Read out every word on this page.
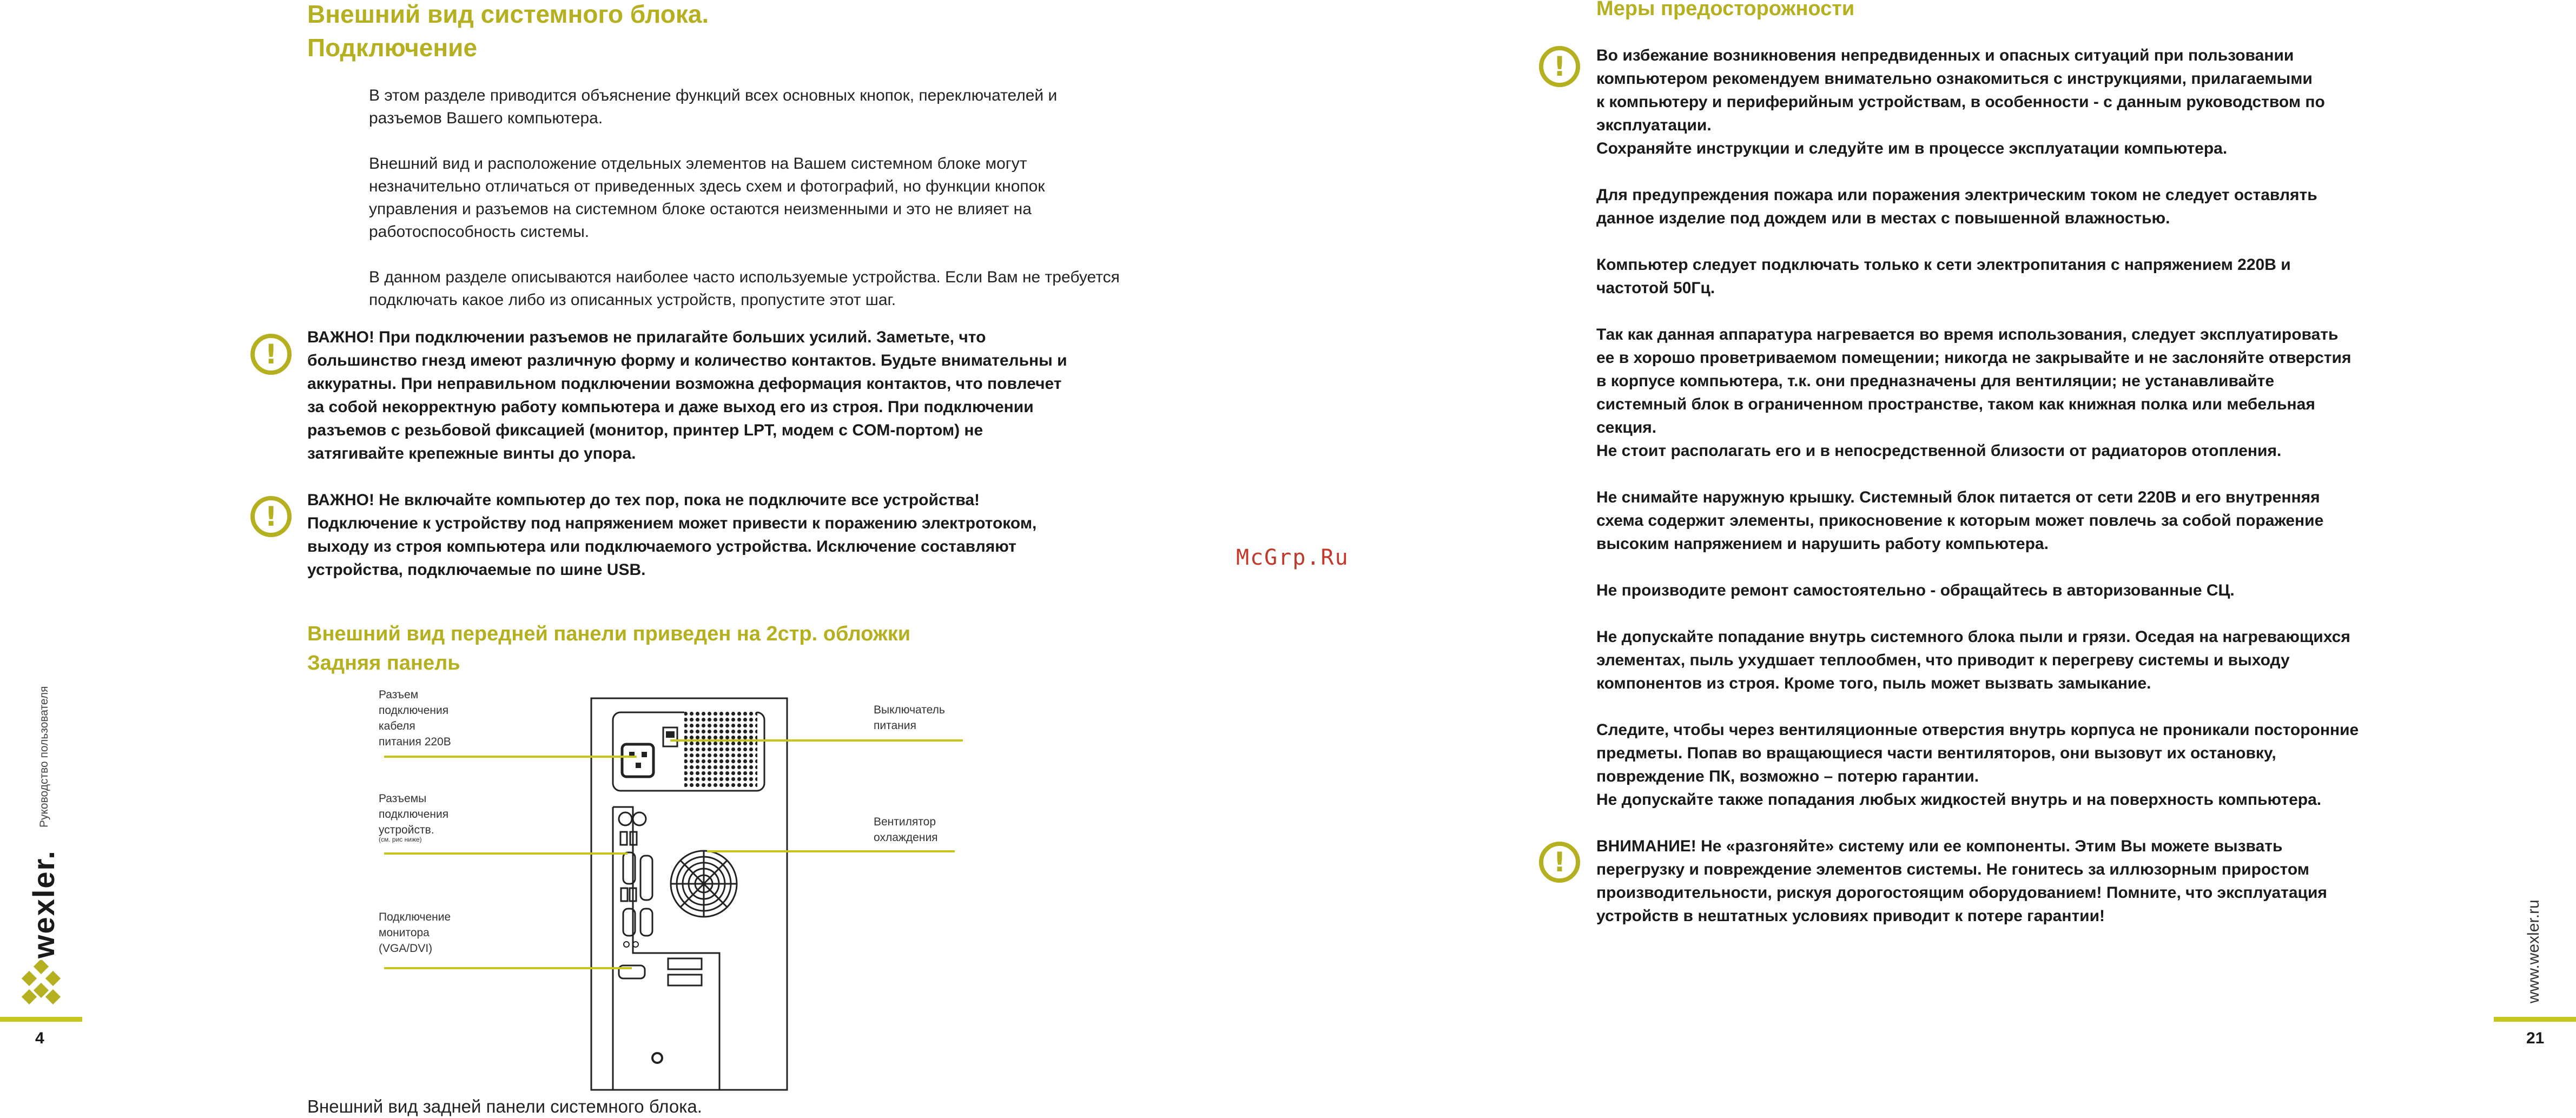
Внешний вид системного блока.
Подключение

В этом разделе приводится объяснение функций всех основных кнопок, переключателей и
разъемов Вашего компьютера.

Внешний вид и расположение отдельных элементов на Вашем системном блоке могут
незначительно отличаться от приведенных здесь схем и фотографий, но функции кнопок
управления и разъемов на системном блоке остаются неизменными и это не влияет на
работоспособность системы.

В данном разделе описываются наиболее часто используемые устройства. Если Вам не требуется
подключать какое либо из описанных устройств, пропустите этот шаг.

!

ВАЖНО! При подключении разъемов не прилагайте больших усилий. Заметьте, что
большинство гнезд имеют различную форму и количество контактов. Будьте внимательны и
аккуратны. При неправильном подключении возможна деформация контактов, что повлечет
за собой некорректную работу компьютера и даже выход его из строя. При подключении
разъемов с резьбовой фиксацией (монитор, принтер LPT, модем с COM-портом) не
затягивайте крепежные винты до упора.

!

ВАЖНО! Не включайте компьютер до тех пор, пока не подключите все устройства!
Подключение к устройству под напряжением может привести к поражению электротоком,
выходу из строя компьютера или подключаемого устройства. Исключение составляют
устройства, подключаемые по шине USB.

Внешний вид передней панели приведен на 2стр. обложки
Задняя панель
Разъем
подключения
кабеля
питания 220В
Разъемы
подключения
устройств.
(см. рис ниже)
Подключение
монитора
(VGA/DVI)
Выключатель
питания
Вентилятор
охлаждения
Внешний вид задней панели системного блока.
wexler.
Руководство пользователя
4
McGrp.Ru
Меры предосторожности
!	Во избежание возникновения непредвиденных и опасных ситуаций при пользовании
компьютером рекомендуем внимательно ознакомиться с инструкциями, прилагаемыми
к компьютеру и периферийным устройствам, в особенности - с данным руководством по
эксплуатации.
Сохраняйте инструкции и следуйте им в процессе эксплуатации компьютера.

Для предупреждения пожара или поражения электрическим током не следует оставлять
данное изделие под дождем или в местах с повышенной влажностью.

Компьютер следует подключать только к сети электропитания с напряжением 220В и
частотой 50Гц.

Так как данная аппаратура нагревается во время использования, следует эксплуатировать
ее в хорошо проветриваемом помещении; никогда не закрывайте и не заслоняйте отверстия
в корпусе компьютера, т.к. они предназначены для вентиляции; не устанавливайте
системный блок в ограниченном пространстве, таком как книжная полка или мебельная
секция.
Не стоит располагать его и в непосредственной близости от радиаторов отопления.

Не снимайте наружную крышку. Системный блок питается от сети 220В и его внутренняя
схема содержит элементы, прикосновение к которым может повлечь за собой поражение
высоким напряжением и нарушить работу компьютера.

Не производите ремонт самостоятельно - обращайтесь в авторизованные СЦ.

Не допускайте попадание внутрь системного блока пыли и грязи. Оседая на нагревающихся
элементах, пыль ухудшает теплообмен, что приводит к перегреву системы и выходу
компонентов из строя. Кроме того, пыль может вызвать замыкание.

Следите, чтобы через вентиляционные отверстия внутрь корпуса не проникали посторонние
предметы. Попав во вращающиеся части вентиляторов, они вызовут их остановку,
повреждение ПК, возможно – потерю гарантии.
Не допускайте также попадания любых жидкостей внутрь и на поверхность компьютера.

ВНИМАНИЕ! Не «разгоняйте» систему или ее компоненты. Этим Вы можете вызвать
перегрузку и повреждение элементов системы. Не гонитесь за иллюзорным приростом
производительности, рискуя дорогостоящим оборудованием! Помните, что эксплуатация
устройств в нештатных условиях приводит к потере гарантии!

!
www.wexler.ru
21
